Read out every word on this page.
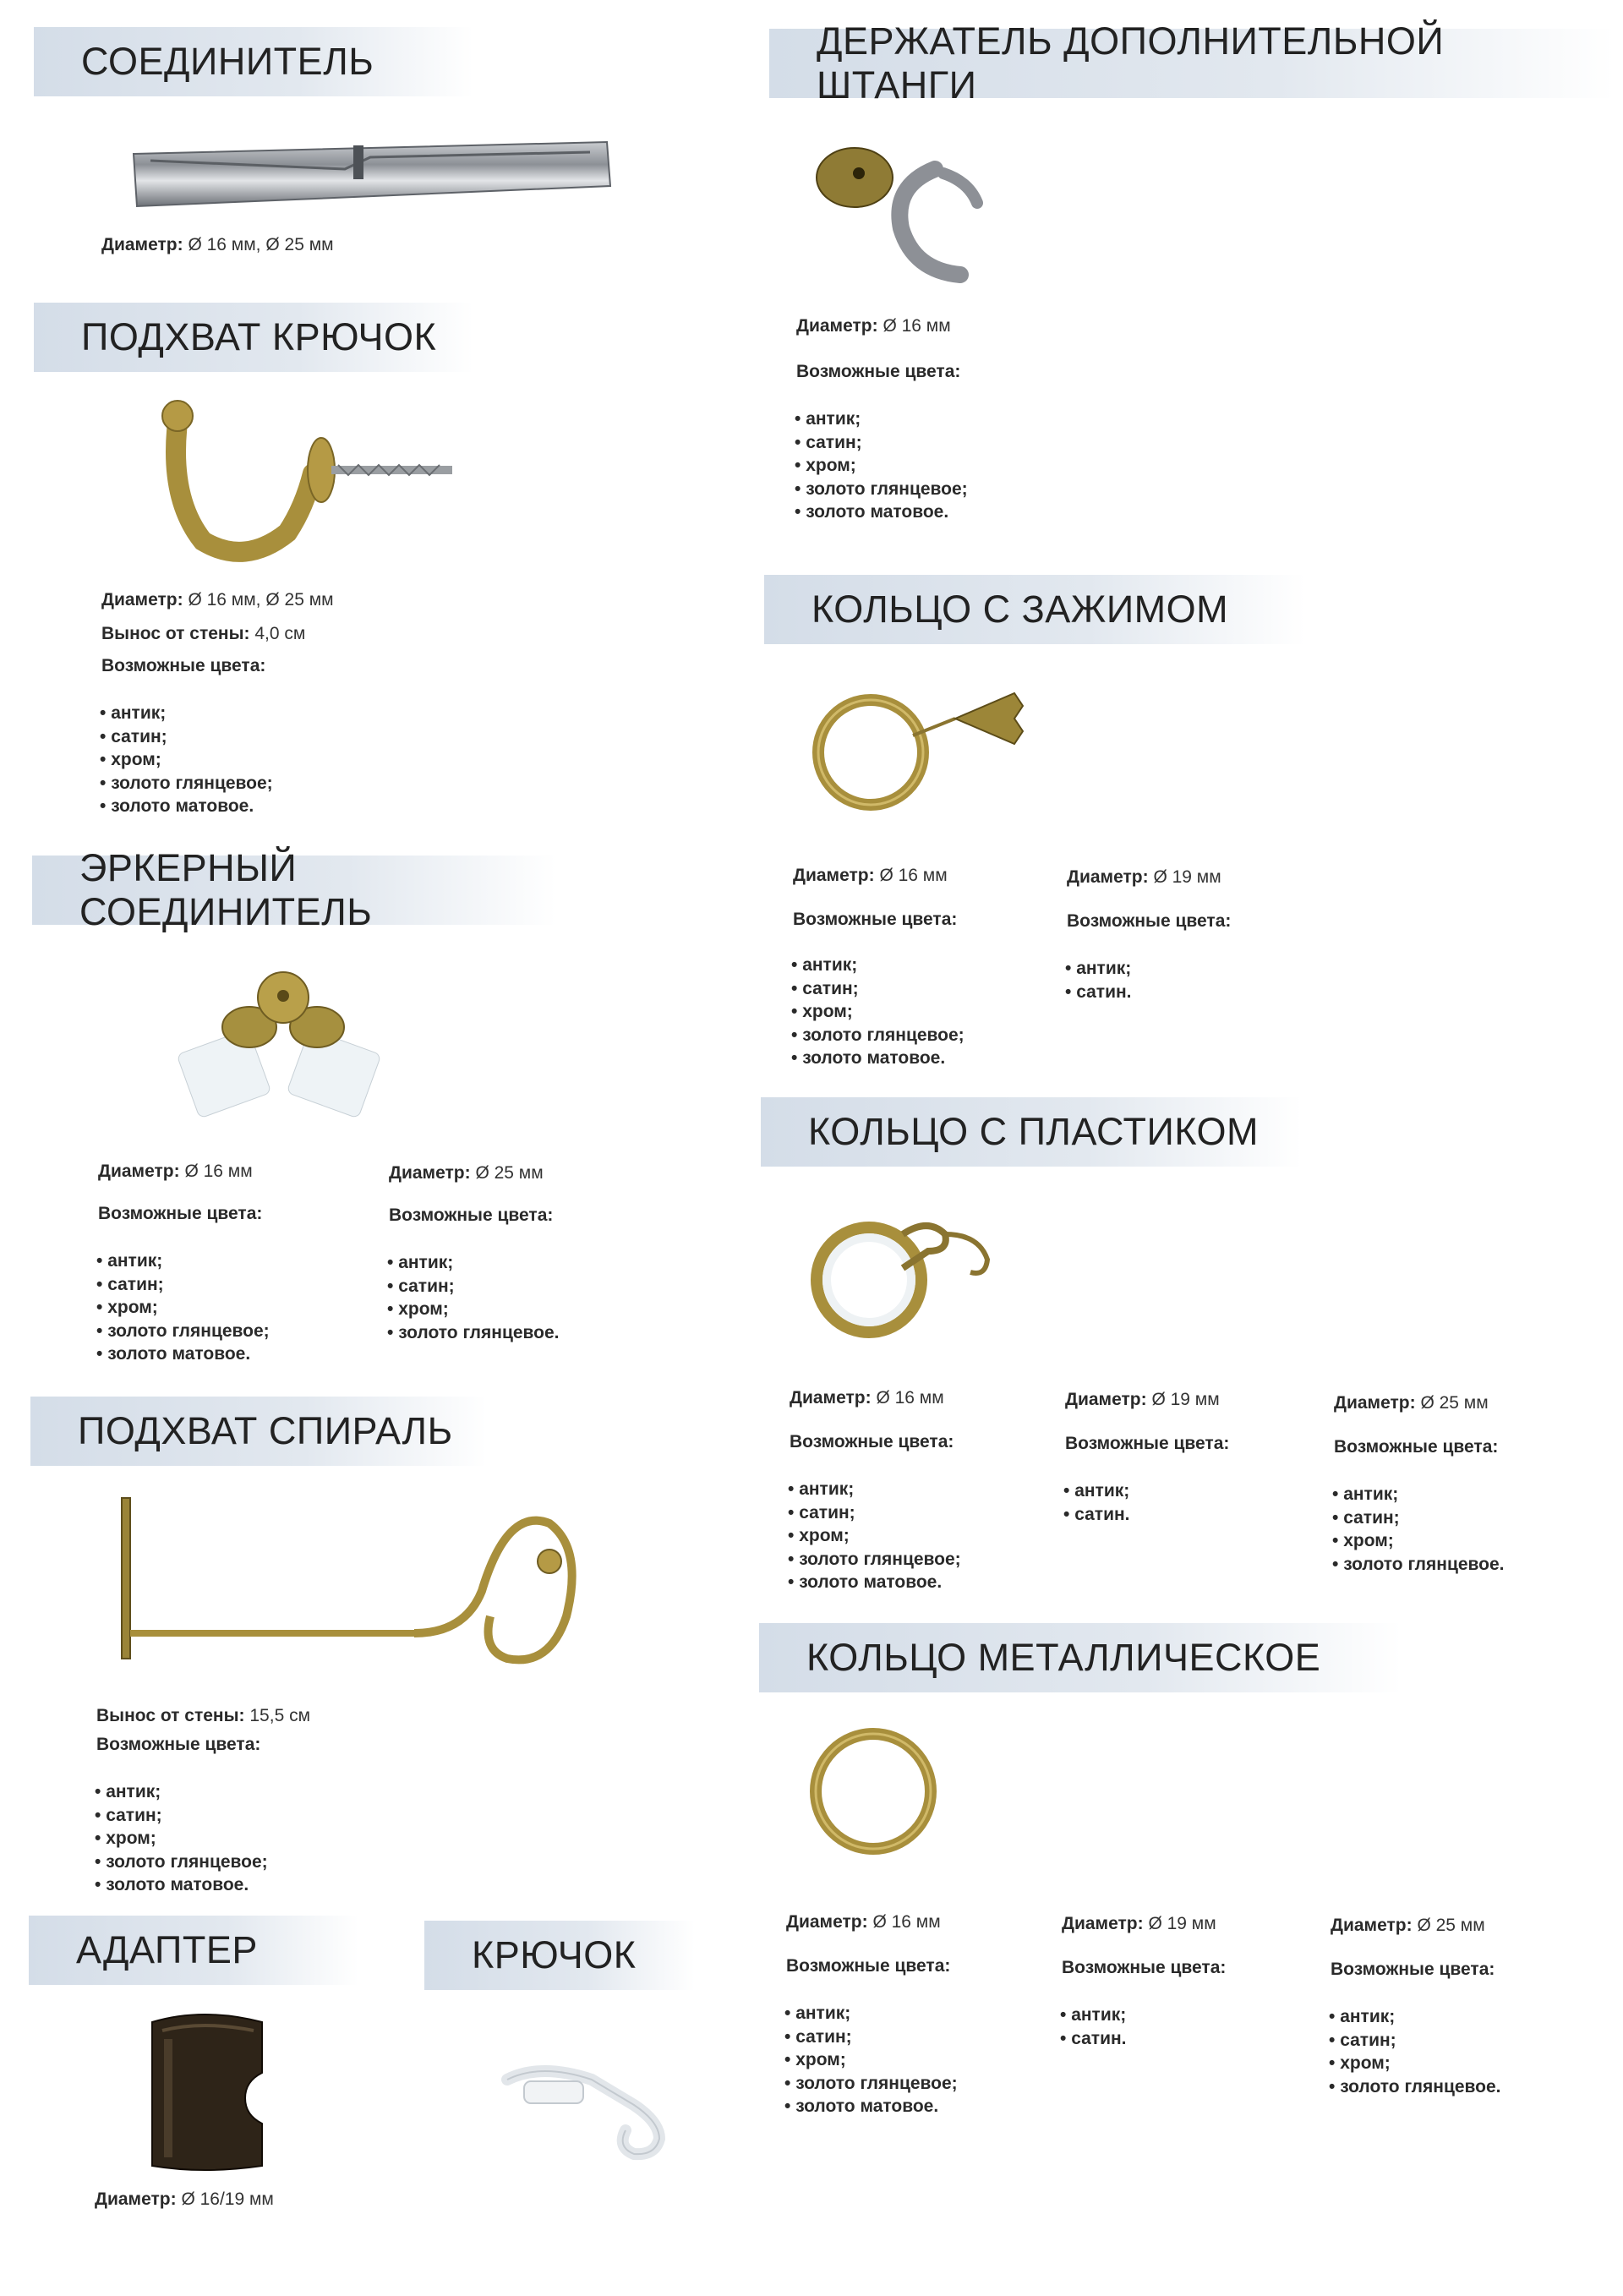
СОЕДИНИТЕЛЬ
Диаметр: Ø 16 мм, Ø 25 мм
ПОДХВАТ КРЮЧОК
Диаметр: Ø 16 мм, Ø 25 мм
Вынос от стены: 4,0 см
Возможные цвета:
• антик;
• сатин;
• хром;
• золото глянцевое;
• золото матовое.
ЭРКЕРНЫЙ СОЕДИНИТЕЛЬ
Диаметр: Ø 16 мм
Возможные цвета:
• антик;
• сатин;
• хром;
• золото глянцевое;
• золото матовое.
Диаметр: Ø 25 мм
Возможные цвета:
• антик;
• сатин;
• хром;
• золото глянцевое.
ПОДХВАТ СПИРАЛЬ
Вынос от стены: 15,5 см
Возможные цвета:
• антик;
• сатин;
• хром;
• золото глянцевое;
• золото матовое.
АДАПТЕР
Диаметр: Ø 16/19 мм
КРЮЧОК
ДЕРЖАТЕЛЬ ДОПОЛНИТЕЛЬНОЙ ШТАНГИ
Диаметр: Ø 16 мм
Возможные цвета:
• антик;
• сатин;
• хром;
• золото глянцевое;
• золото матовое.
КОЛЬЦО С ЗАЖИМОМ
Диаметр: Ø 16 мм
Возможные цвета:
• антик;
• сатин;
• хром;
• золото глянцевое;
• золото матовое.
Диаметр: Ø 19 мм
Возможные цвета:
• антик;
• сатин.
КОЛЬЦО С ПЛАСТИКОМ
Диаметр: Ø 16 мм
Возможные цвета:
• антик;
• сатин;
• хром;
• золото глянцевое;
• золото матовое.
Диаметр: Ø 19 мм
Возможные цвета:
• антик;
• сатин.
Диаметр: Ø 25 мм
Возможные цвета:
• антик;
• сатин;
• хром;
• золото глянцевое.
КОЛЬЦО МЕТАЛЛИЧЕСКОЕ
Диаметр: Ø 16 мм
Возможные цвета:
• антик;
• сатин;
• хром;
• золото глянцевое;
• золото матовое.
Диаметр: Ø 19 мм
Возможные цвета:
• антик;
• сатин.
Диаметр: Ø 25 мм
Возможные цвета:
• антик;
• сатин;
• хром;
• золото глянцевое.
